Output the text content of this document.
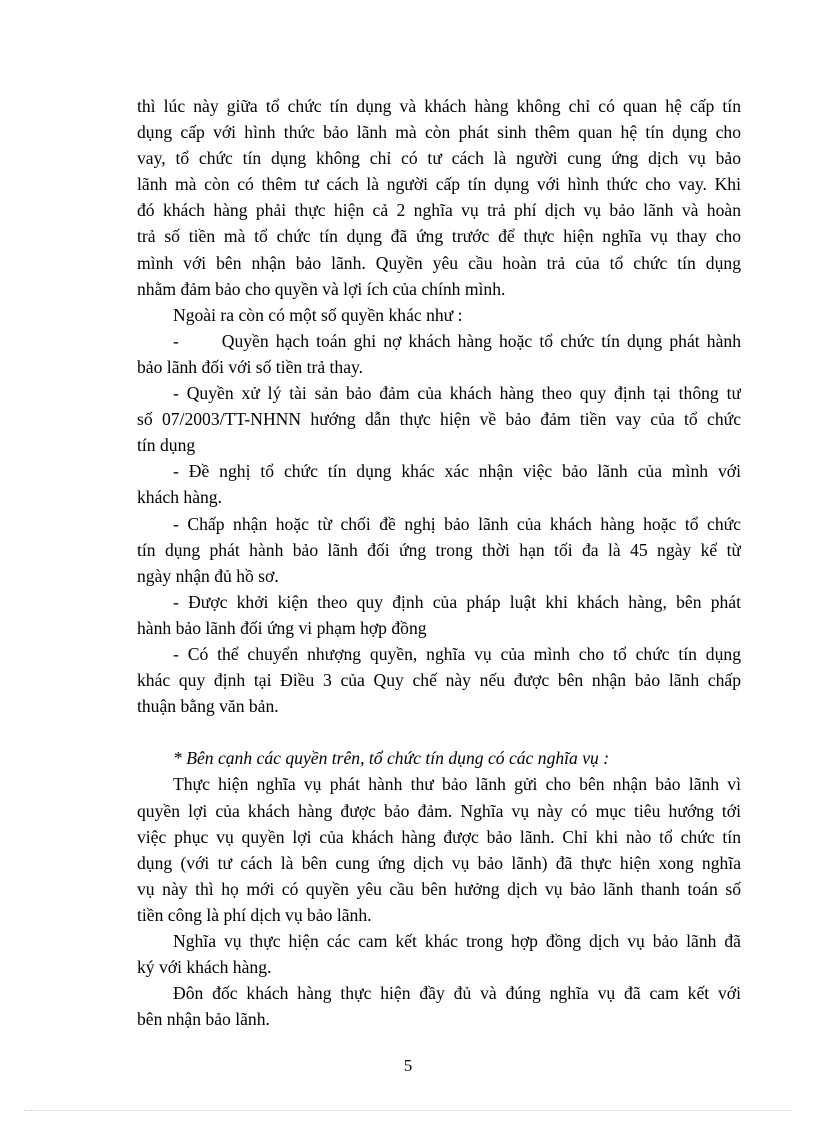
thì lúc này giữa tổ chức tín dụng và khách hàng không chỉ có quan hệ cấp tín
dụng cấp với hình thức bảo lãnh mà còn phát sinh thêm quan hệ tín dụng cho
vay, tổ chức tín dụng không chỉ có tư cách là người cung ứng dịch vụ bảo
lãnh mà còn có thêm tư cách là người cấp tín dụng với hình thức cho vay. Khi
đó khách hàng phải thực hiện cả 2 nghĩa vụ trả phí dịch vụ bảo lãnh và hoàn
trả số tiền mà tổ chức tín dụng đã ứng trước để thực hiện nghĩa vụ thay cho
mình với bên nhận bảo lãnh. Quyền yêu cầu hoàn trả của tổ chức tín dụng
nhằm đảm bảo cho quyền và lợi ích của chính mình.
Ngoài ra còn có một số quyền khác như :
-      Quyền hạch toán ghi nợ khách hàng hoặc tổ chức tín dụng phát hành
bảo lãnh đối với số tiền trả thay.
- Quyền xử lý tài sản bảo đảm của khách hàng theo quy định tại thông tư
số 07/2003/TT-NHNN hướng dẫn thực hiện về bảo đảm tiền vay của tổ chức
tín dụng
- Đề nghị tổ chức tín dụng khác xác nhận việc bảo lãnh của mình với
khách hàng.
- Chấp nhận hoặc từ chối đề nghị bảo lãnh của khách hàng hoặc tổ chức
tín dụng phát hành bảo lãnh đối ứng trong thời hạn tối đa là 45 ngày kể từ
ngày nhận đủ hồ sơ.
- Được khởi kiện theo quy định của pháp luật khi khách hàng, bên phát
hành bảo lãnh đối ứng vi phạm hợp đồng
- Có thể chuyển nhượng quyền, nghĩa vụ của mình cho tổ chức tín dụng
khác quy định tại Điều 3 của Quy chế này nếu được bên nhận bảo lãnh chấp
thuận bằng văn bản.
* Bên cạnh các quyền trên, tổ chức tín dụng có các nghĩa vụ :
Thực hiện nghĩa vụ phát hành thư bảo lãnh gửi cho bên nhận bảo lãnh vì
quyền lợi của khách hàng được bảo đảm. Nghĩa vụ này có mục tiêu hướng tới
việc phục vụ quyền lợi của khách hàng được bảo lãnh. Chỉ khi nào tổ chức tín
dụng (với tư cách là bên cung ứng dịch vụ bảo lãnh) đã thực hiện xong nghĩa
vụ này thì họ mới có quyền yêu cầu bên hưởng dịch vụ bảo lãnh thanh toán số
tiền công là phí dịch vụ bảo lãnh.
Nghĩa vụ thực hiện các cam kết khác trong hợp đồng dịch vụ bảo lãnh đã
ký với khách hàng.
Đôn đốc khách hàng thực hiện đầy đủ và đúng nghĩa vụ đã cam kết với
bên nhận bảo lãnh.
5
